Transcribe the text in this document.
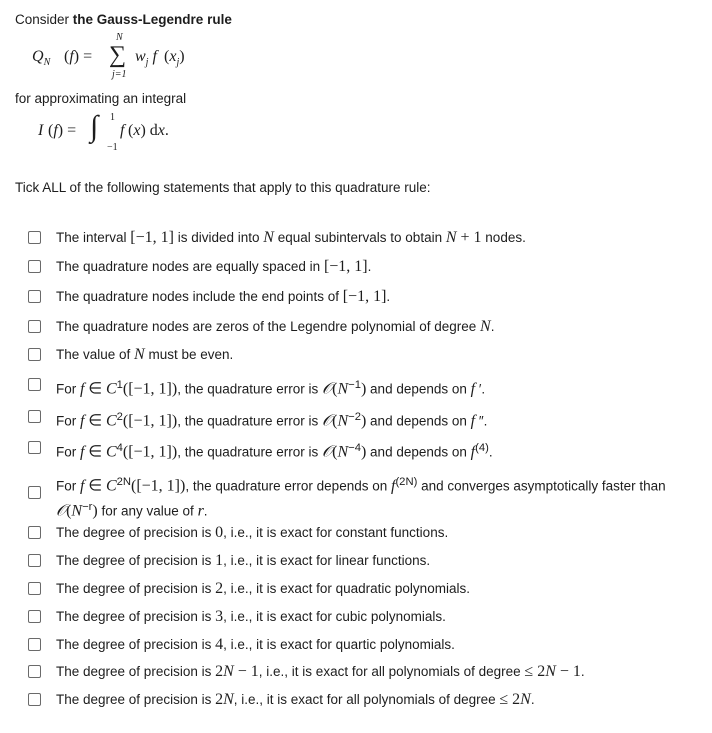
Consider the Gauss-Legendre rule
$Q_N$ (f) =
N
∑
j=1
$w_j$ f $(x_j)$
for approximating an integral
I (f) = ∫ 1
−1
f (x) dx.
Tick ALL of the following statements that apply to this quadrature rule:
The interval [−1, 1] is divided into N equal subintervals to obtain N + 1 nodes.
The quadrature nodes are equally spaced in [−1, 1].
The quadrature nodes include the end points of [−1, 1].
The quadrature nodes are zeros of the Legendre polynomial of degree N.
The value of N must be even.
For f ∈ $C^1([-1$, 1]), the quadrature error is $𝒪(N^{-1})$ and depends on f ′.
For f ∈ $C^2([-1$, 1]), the quadrature error is $𝒪(N^{-2})$ and depends on f ″.
For f ∈ $C^4([-1$, 1]), the quadrature error is $𝒪(N^{-4})$ and depends on $f^{(4)}$.
For f ∈ $C^{2N}([-1$, 1]), the quadrature error depends on $f^{(2N)}$ and converges asymptotically faster than $𝒪(N^{-r})$ for any value of r.
The degree of precision is 0, i.e., it is exact for constant functions.
The degree of precision is 1, i.e., it is exact for linear functions.
The degree of precision is 2, i.e., it is exact for quadratic polynomials.
The degree of precision is 3, i.e., it is exact for cubic polynomials.
The degree of precision is 4, i.e., it is exact for quartic polynomials.
The degree of precision is 2N − 1, i.e., it is exact for all polynomials of degree ≤ 2N − 1.
The degree of precision is 2N, i.e., it is exact for all polynomials of degree ≤ 2N.
